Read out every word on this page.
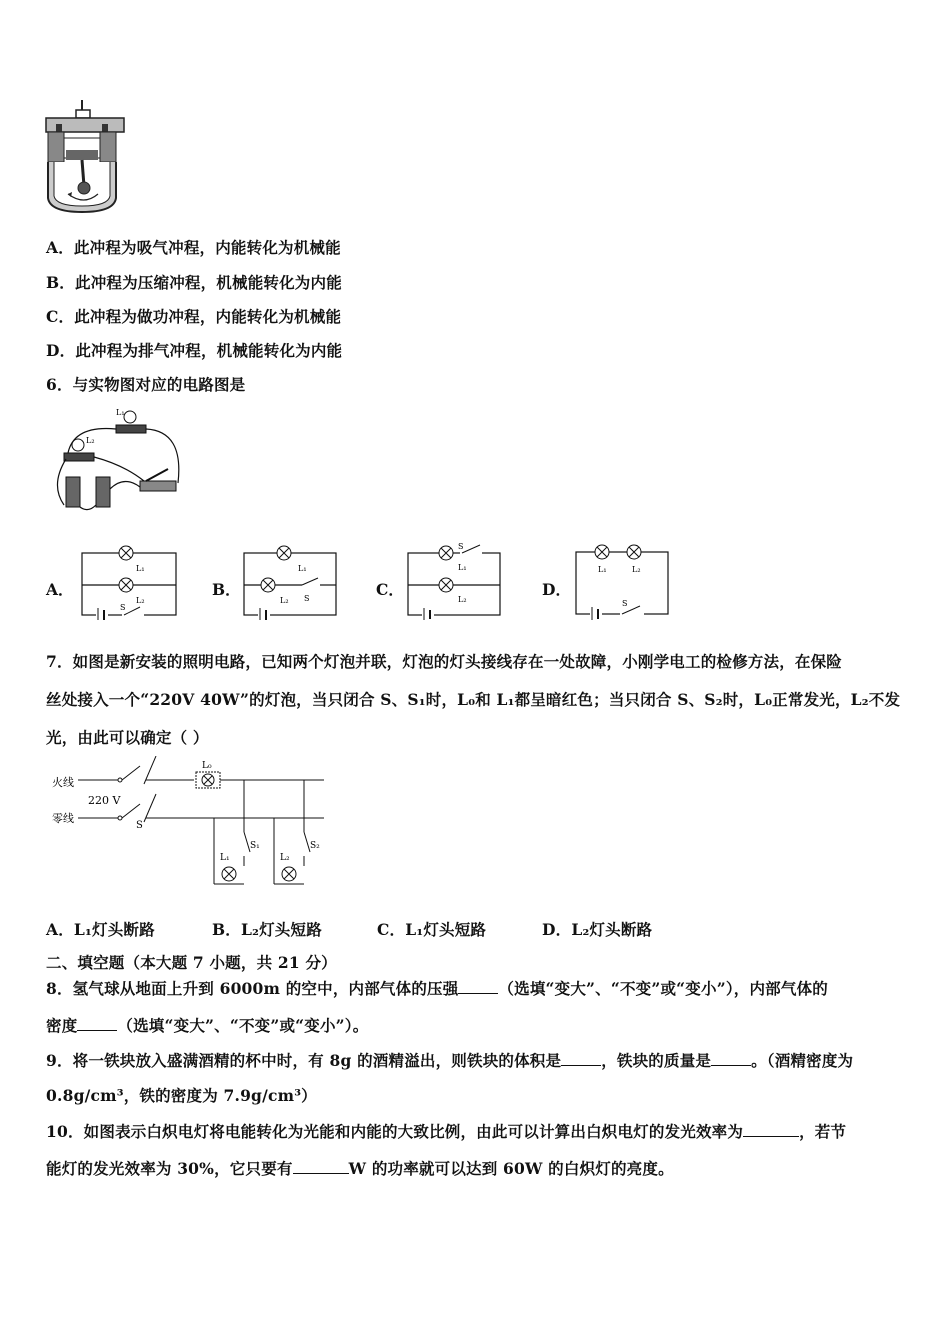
A．此冲程为吸气冲程，内能转化为机械能
B．此冲程为压缩冲程，机械能转化为内能
C．此冲程为做功冲程，内能转化为机械能
D．此冲程为排气冲程，机械能转化为内能
6．与实物图对应的电路图是
L₁
L₂
A．
L₁
L₂
S
B．
L₁
L₂ S	C．
S
L₁
L₂
D．
L₁	L₂
S
7．如图是新安装的照明电路，已知两个灯泡并联，灯泡的灯头接线存在一处故障，小刚学电工的检修方法，在保险
丝处接入一个“220V 40W”的灯泡，当只闭合 S、S₁时，L₀和 L₁都呈暗红色；当只闭合 S、S₂时，L₀正常发光，L₂不发
光，由此可以确定（ ）
火线
零线
220 V
S
L₀
L₁	L₂
S₁	S₂
A．L₁灯头断路	B．L₂灯头短路	C．L₁灯头短路	D．L₂灯头断路
二、填空题（本大题 7 小题，共 21 分）
8．氢气球从地面上升到 6000m 的空中，内部气体的压强	（选填“变大”、“不变”或“变小”），内部气体的
密度	（选填“变大”、“不变”或“变小”）。
9．将一铁块放入盛满酒精的杯中时，有 8g 的酒精溢出，则铁块的体积是	，铁块的质量是	。（酒精密度为
0.8g/cm³，铁的密度为 7.9g/cm³）
10．如图表示白炽电灯将电能转化为光能和内能的大致比例，由此可以计算出白炽电灯的发光效率为	，若节
能灯的发光效率为 30%，它只要有	W 的功率就可以达到 60W 的白炽灯的亮度。
